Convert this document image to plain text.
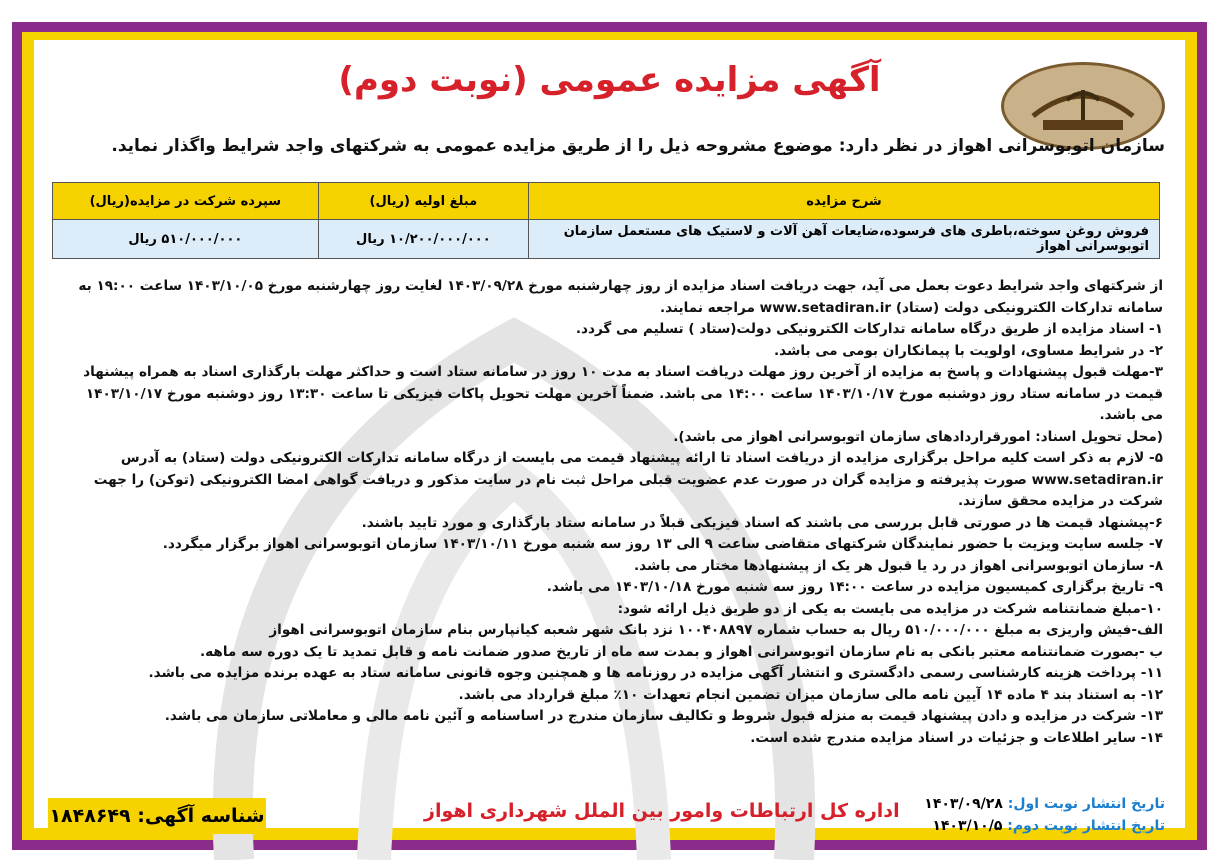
آگهی مزایده عمومی (نوبت دوم)
سازمان اتوبوسرانی اهواز در نظر دارد: موضوع مشروحه ذیل را از طریق مزایده عمومی به شرکتهای واجد شرایط واگذار نماید.
شرح مزایده	مبلغ اولیه (ریال)	سپرده شرکت در مزایده(ریال)
فروش روغن سوخته،باطری های فرسوده،ضایعات آهن آلات و لاستیک های مستعمل سازمان اتوبوسرانی اهواز	۱۰/۲۰۰/۰۰۰/۰۰۰ ریال	۵۱۰/۰۰۰/۰۰۰ ریال

از شرکتهای واجد شرایط دعوت بعمل می آید، جهت دریافت اسناد مزایده از روز چهارشنبه مورخ ۱۴۰۳/۰۹/۲۸ لغایت روز چهارشنبه مورخ ۱۴۰۳/۱۰/۰۵ ساعت ۱۹:۰۰ به سامانه تدارکات الکترونیکی دولت (ستاد) www.setadiran.ir مراجعه نمایند.

۱- اسناد مزایده از طریق درگاه سامانه تدارکات الکترونیکی دولت(ستاد ) تسلیم می گردد.

۲- در شرایط مساوی، اولویت با پیمانکاران بومی می باشد.

۳-مهلت قبول پیشنهادات و پاسخ به مزایده از آخرین روز مهلت دریافت اسناد به مدت ۱۰ روز در سامانه ستاد است و حداکثر مهلت بارگذاری اسناد به همراه پیشنهاد قیمت در سامانه ستاد روز دوشنبه مورخ ۱۴۰۳/۱۰/۱۷ ساعت ۱۴:۰۰ می باشد. ضمناً آخرین مهلت تحویل پاکات فیزیکی تا ساعت ۱۳:۳۰ روز دوشنبه مورخ ۱۴۰۳/۱۰/۱۷ می باشد.

(محل تحویل اسناد: امورقراردادهای سازمان اتوبوسرانی اهواز می باشد).

۵- لازم به ذکر است کلیه مراحل برگزاری مزایده از دریافت اسناد تا ارائه پیشنهاد قیمت می بایست از درگاه سامانه تدارکات الکترونیکی دولت (ستاد) به آدرس www.setadiran.ir صورت پذیرفته و مزایده گران در صورت عدم عضویت قبلی مراحل ثبت نام در سایت مذکور و دریافت گواهی امضا الکترونیکی (توکن) را جهت شرکت در مزایده محقق سازند.

۶-پیشنهاد قیمت ها در صورتی قابل بررسی می باشند که اسناد فیزیکی قبلاً در سامانه ستاد بارگذاری و مورد تایید باشند.

۷- جلسه سایت ویزیت با حضور نمایندگان شرکتهای متقاضی ساعت ۹ الی ۱۳ روز سه شنبه مورخ ۱۴۰۳/۱۰/۱۱ سازمان اتوبوسرانی اهواز برگزار میگردد.

۸- سازمان اتوبوسرانی اهواز در رد یا قبول هر یک از پیشنهادها مختار می باشد.

۹- تاریخ برگزاری کمیسیون مزایده در ساعت ۱۴:۰۰ روز سه شنبه مورخ ۱۴۰۳/۱۰/۱۸ می باشد.

۱۰-مبلغ ضمانتنامه شرکت در مزایده می بایست به یکی از دو طریق ذیل ارائه شود:

الف-فیش واریزی به مبلغ ۵۱۰/۰۰۰/۰۰۰ ریال به حساب شماره ۱۰۰۴۰۸۸۹۷ نزد بانک شهر شعبه کیانپارس بنام سازمان اتوبوسرانی اهواز

ب -بصورت ضمانتنامه معتبر بانکی به نام سازمان اتوبوسرانی اهواز و بمدت سه ماه از تاریخ صدور ضمانت نامه و قابل تمدید تا یک دوره سه ماهه.

۱۱- پرداخت هزینه کارشناسی رسمی دادگستری و انتشار آگهی مزایده در روزنامه ها و همچنین وجوه قانونی سامانه ستاد به عهده برنده مزایده می باشد.

۱۲- به استناد بند ۴ ماده ۱۴ آیین نامه مالی سازمان میزان تضمین انجام تعهدات ۱۰٪ مبلغ قرارداد می باشد.

۱۳- شرکت در مزایده و دادن پیشنهاد قیمت به منزله قبول شروط و تکالیف سازمان مندرج در اساسنامه و آئین نامه مالی و معاملاتی سازمان می باشد.

۱۴- سایر اطلاعات و جزئیات در اسناد مزایده مندرج شده است.

تاریخ انتشار نوبت اول: ۱۴۰۳/۰۹/۲۸
تاریخ انتشار نوبت دوم: ۱۴۰۳/۱۰/۵
اداره کل ارتباطات وامور بین الملل شهرداری اهواز
شناسه آگهی:

۱۸۴۸۶۴۹
